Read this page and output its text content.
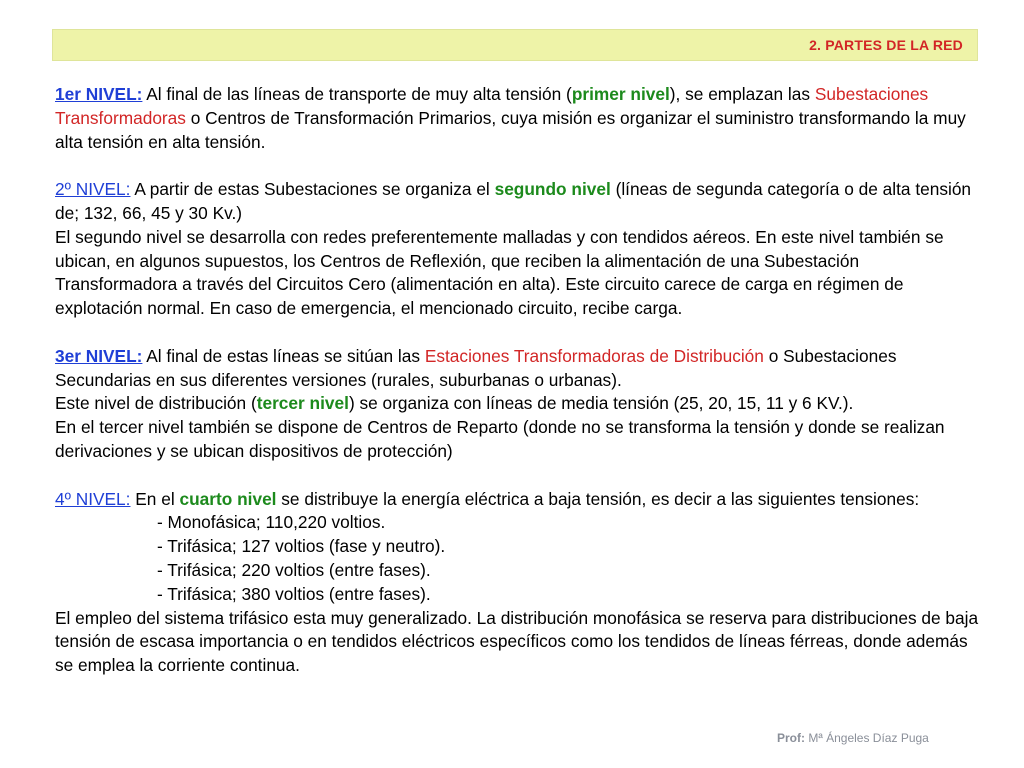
2. PARTES DE LA RED

1er NIVEL: Al final de las líneas de transporte de muy alta tensión (primer nivel), se emplazan las Subestaciones Transformadoras o Centros de Transformación Primarios, cuya misión es organizar el suministro transformando la muy alta tensión en alta tensión.

2º NIVEL: A partir de estas Subestaciones se organiza el segundo nivel (líneas de segunda categoría o de alta tensión de; 132, 66, 45 y 30 Kv.)

El segundo nivel se desarrolla con redes preferentemente malladas y con tendidos aéreos. En este nivel también se ubican, en algunos supuestos, los Centros de Reflexión, que reciben la alimentación de una Subestación Transformadora a través del Circuitos Cero (alimentación en alta). Este circuito carece de carga en régimen de explotación normal. En caso de emergencia, el mencionado circuito, recibe carga.

3er NIVEL: Al final de estas líneas se sitúan las Estaciones Transformadoras de Distribución o Subestaciones Secundarias en sus diferentes versiones (rurales, suburbanas o urbanas).

Este nivel de distribución (tercer nivel) se organiza con líneas de media tensión (25, 20, 15, 11 y 6 KV.).

En el tercer nivel también se dispone de Centros de Reparto (donde no se transforma la tensión y donde se realizan derivaciones y se ubican dispositivos de protección)

4º NIVEL: En el cuarto nivel se distribuye la energía eléctrica a baja tensión, es decir a las siguientes tensiones:

- Monofásica; 110,220 voltios.

- Trifásica; 127 voltios (fase y neutro).

- Trifásica; 220 voltios (entre fases).

- Trifásica; 380 voltios (entre fases).

El empleo del sistema trifásico esta muy generalizado. La distribución monofásica se reserva para distribuciones de baja tensión de escasa importancia o en tendidos eléctricos específicos como los tendidos de líneas férreas, donde además se emplea la corriente continua.

Prof: Mª Ángeles Díaz Puga
